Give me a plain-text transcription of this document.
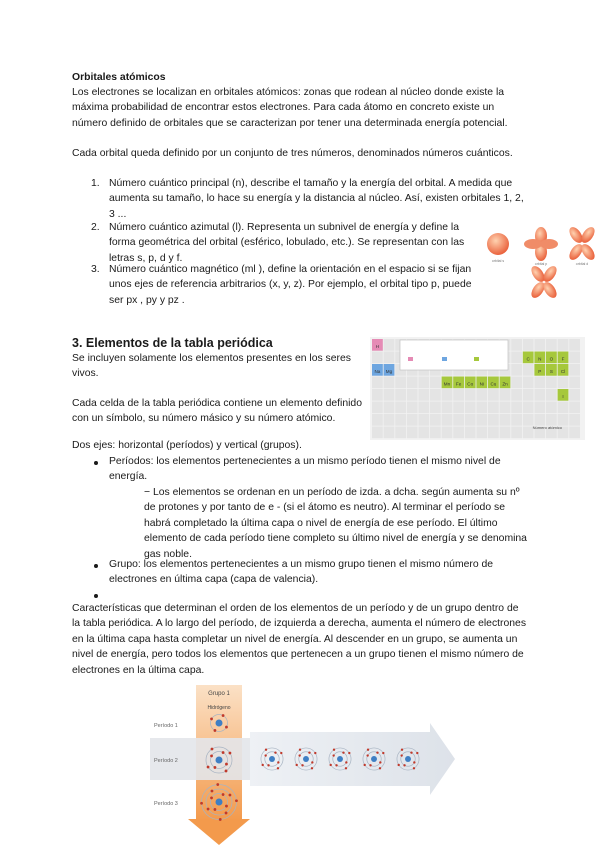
Orbitales atómicos

Los electrones se localizan en orbitales atómicos: zonas que rodean al núcleo donde existe la máxima probabilidad de encontrar estos electrones. Para cada átomo en concreto existe un número definido de orbitales que se caracterizan por tener una determinada energía potencial.

Cada orbital queda definido por un conjunto de tres números, denominados números cuánticos.

1. Número cuántico principal (n), describe el tamaño y la energía del orbital. A medida que aumenta su tamaño, lo hace su energía y la distancia al núcleo. Así, existen orbitales 1, 2, 3 ...

2. Número cuántico azimutal (l). Representa un subnivel de energía y define la forma geométrica del orbital (esférico, lobulado, etc.). Se representan con las letras s, p, d y f.

3. Número cuántico magnético (ml ), define la orientación en el espacio si se fijan unos ejes de referencia arbitrarios (x, y, z). Por ejemplo, el orbital tipo p, puede ser px , py y pz .

orbital s
orbital p	orbital d

3. Elementos de la tabla periódica

Se incluyen solamente los elementos presentes en los seres vivos.

Cada celda de la tabla periódica contiene un elemento definido con un símbolo, su número másico y su número atómico.

Dos ejes: horizontal (períodos) y vertical (grupos).

H
Na Mg
C N O F
P S Cl
Mn Fe Co Ni Cu Zn
I
Número atómico

Períodos: los elementos pertenecientes a un mismo período tienen el mismo nivel de energía.

− Los elementos se ordenan en un período de izda. a dcha. según aumenta su nº de protones y por tanto de e - (si el átomo es neutro). Al terminar el período se habrá completado la última capa o nivel de energía de ese período. El último elemento de cada período tiene completo su último nivel de energía y se denomina gas noble.

Grupo: los elementos pertenecientes a un mismo grupo tienen el mismo número de electrones en última capa (capa de valencia).

Características que determinan el orden de los elementos de un período y de un grupo dentro de la tabla periódica. A lo largo del período, de izquierda a derecha, aumenta el número de electrones en la última capa hasta completar un nivel de energía. Al descender en un grupo, se aumenta un nivel de energía, pero todos los elementos que pertenecen a un grupo tienen el mismo número de electrones en la última capa.

Grupo 1
Hidrógeno
Período 1
Período 2
Período 3
